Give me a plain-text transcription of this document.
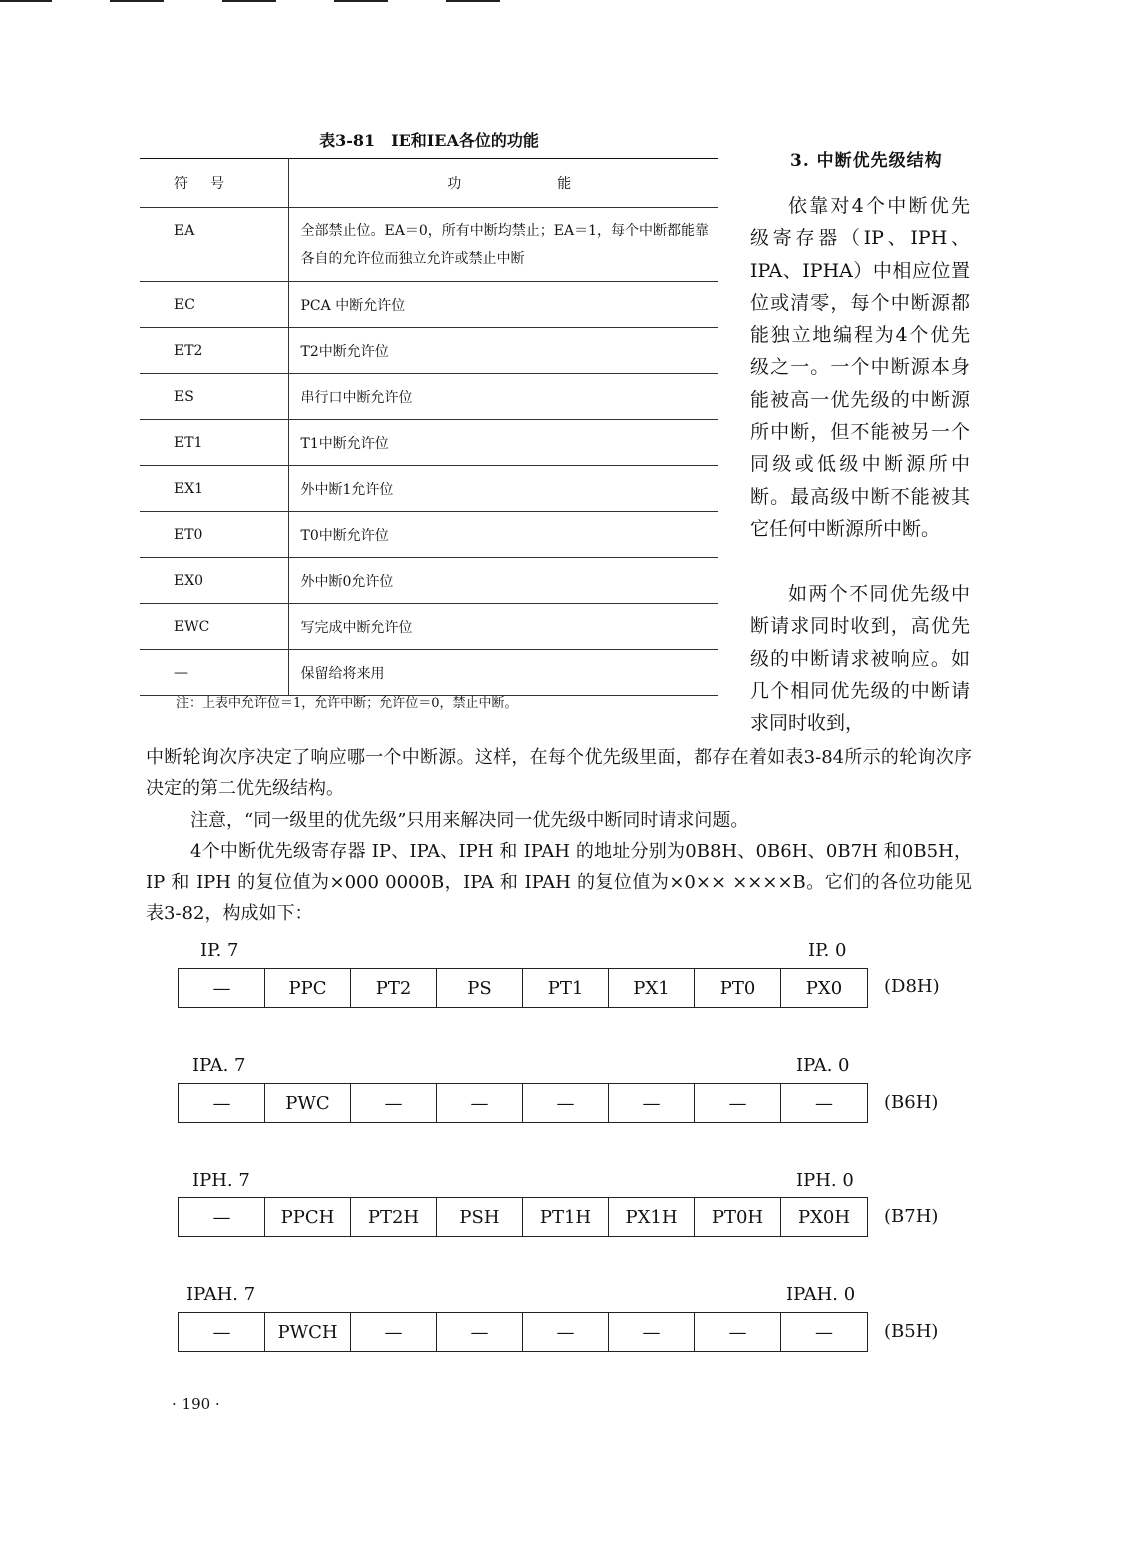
表3-81　IE和IEA各位的功能
符号	功能
EA	全部禁止位。EA＝0，所有中断均禁止；EA＝1，每个中断都能靠各自的允许位而独立允许或禁止中断
EC	PCA 中断允许位
ET2	T2中断允许位
ES	串行口中断允许位
ET1	T1中断允许位
EX1	外中断1允许位
ET0	T0中断允许位
EX0	外中断0允许位
EWC	写完成中断允许位
—	保留给将来用
注：上表中允许位＝1，允许中断；允许位＝0，禁止中断。
3. 中断优先级结构
依靠对4个中断优先级寄存器（IP、IPH、IPA、IPHA）中相应位置位或清零，每个中断源都能独立地编程为4个优先级之一。一个中断源本身能被高一优先级的中断源所中断，但不能被另一个同级或低级中断源所中断。最高级中断不能被其它任何中断源所中断。
如两个不同优先级中断请求同时收到，高优先级的中断请求被响应。如几个相同优先级的中断请求同时收到，
中断轮询次序决定了响应哪一个中断源。这样，在每个优先级里面，都存在着如表3-84所示的轮询次序决定的第二优先级结构。
注意，“同一级里的优先级”只用来解决同一优先级中断同时请求问题。
4个中断优先级寄存器 IP、IPA、IPH 和 IPAH 的地址分别为0B8H、0B6H、0B7H 和0B5H，IP 和 IPH 的复位值为×000 0000B，IPA 和 IPAH 的复位值为×0×× ××××B。它们的各位功能见表3-82，构成如下：
IP. 7	IP. 0
—	PPC	PT2	PS	PT1	PX1	PT0	PX0	(D8H)
IPA. 7	IPA. 0
—	PWC	—	—	—	—	—	—	(B6H)
IPH. 7	IPH. 0
—	PPCH	PT2H	PSH	PT1H	PX1H	PT0H	PX0H	(B7H)
IPAH. 7	IPAH. 0
—	PWCH	—	—	—	—	—	—	(B5H)
· 190 ·
